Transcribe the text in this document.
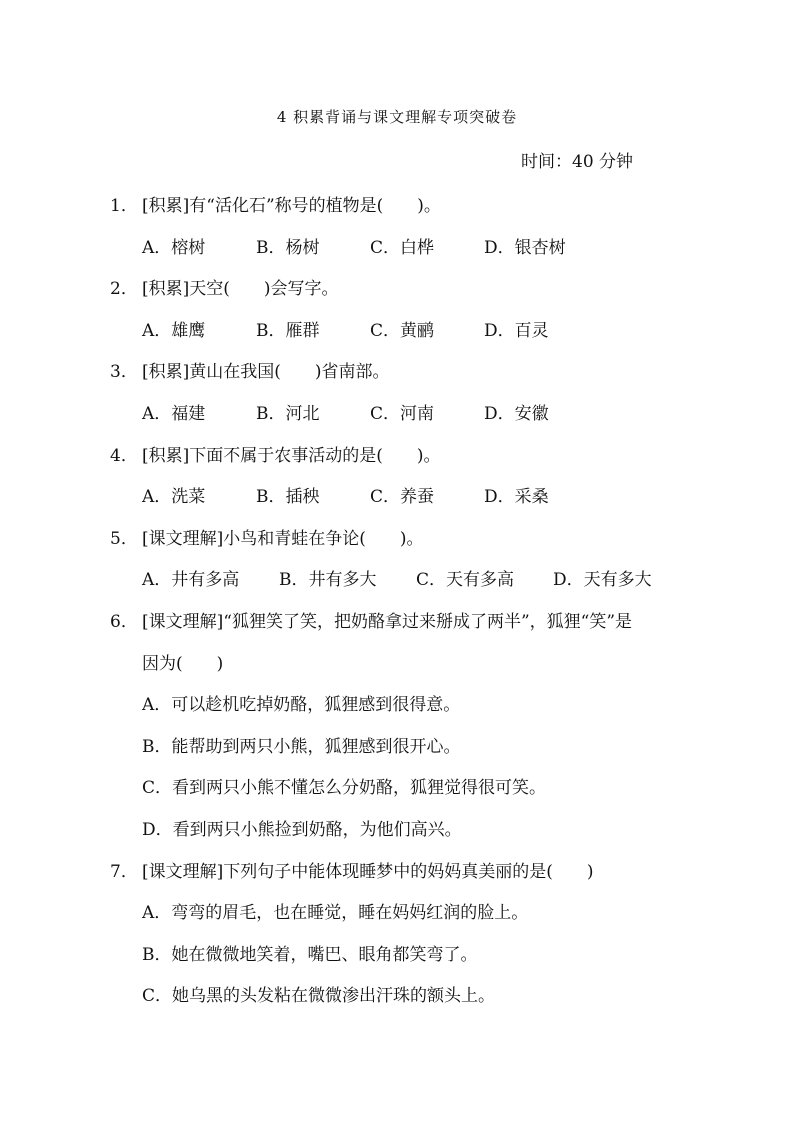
4 积累背诵与课文理解专项突破卷
时间：40 分钟
1． [积累]有“活化石”称号的植物是(　　)。
A．榕树	B．杨树	C．白桦	D．银杏树
2． [积累]天空(　　)会写字。
A．雄鹰	B．雁群	C．黄鹂	D．百灵
3． [积累]黄山在我国(　　)省南部。
A．福建	B．河北	C．河南	D．安徽
4． [积累]下面不属于农事活动的是(　　)。
A．洗菜	B．插秧	C．养蚕	D．采桑
5． [课文理解]小鸟和青蛙在争论(　　)。
A．井有多高	B．井有多大	C．天有多高	D．天有多大
6． [课文理解]“狐狸笑了笑，把奶酪拿过来掰成了两半”，狐狸“笑”是
因为(　　)
A．可以趁机吃掉奶酪，狐狸感到很得意。
B．能帮助到两只小熊，狐狸感到很开心。
C．看到两只小熊不懂怎么分奶酪，狐狸觉得很可笑。
D．看到两只小熊捡到奶酪，为他们高兴。
7． [课文理解]下列句子中能体现睡梦中的妈妈真美丽的是(　　)
A．弯弯的眉毛，也在睡觉，睡在妈妈红润的脸上。
B．她在微微地笑着，嘴巴、眼角都笑弯了。
C．她乌黑的头发粘在微微渗出汗珠的额头上。
